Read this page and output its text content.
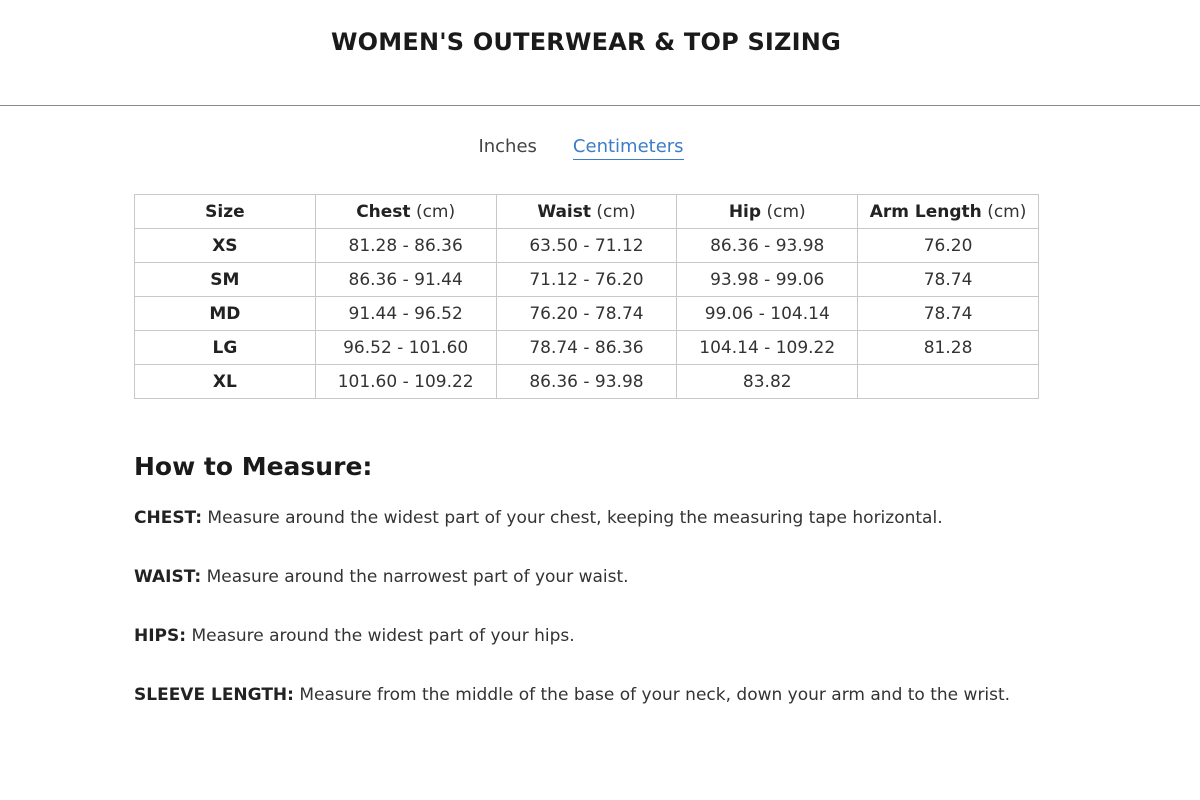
WOMEN'S OUTERWEAR & TOP SIZING
Inches Centimeters
Size	Chest (cm)	Waist (cm)	Hip (cm)	Arm Length (cm)
XS	81.28 - 86.36	63.50 - 71.12	86.36 - 93.98	76.20
SM	86.36 - 91.44	71.12 - 76.20	93.98 - 99.06	78.74
MD	91.44 - 96.52	76.20 - 78.74	99.06 - 104.14	78.74
LG	96.52 - 101.60	78.74 - 86.36	104.14 - 109.22	81.28
XL	101.60 - 109.22	86.36 - 93.98	83.82	
How to Measure:

CHEST: Measure around the widest part of your chest, keeping the measuring tape horizontal.

WAIST: Measure around the narrowest part of your waist.

HIPS: Measure around the widest part of your hips.

SLEEVE LENGTH: Measure from the middle of the base of your neck, down your arm and to the wrist.
